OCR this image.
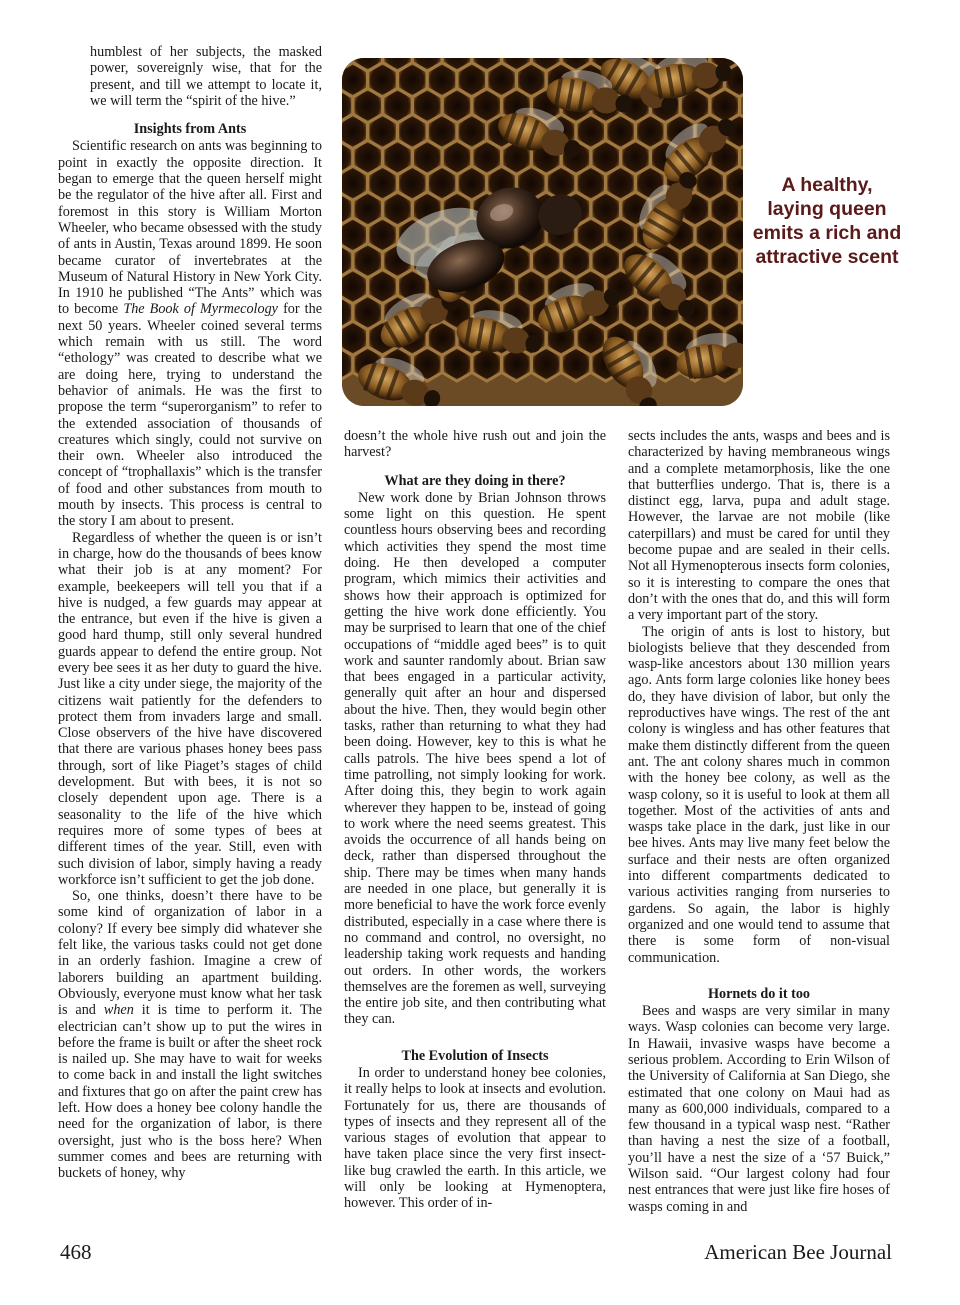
humblest of her subjects, the masked power, sovereignly wise, that for the present, and till we attempt to locate it, we will term the “spirit of the hive.”

Insights from Ants

Scientific research on ants was beginning to point in exactly the opposite direction. It began to emerge that the queen herself might be the regulator of the hive after all. First and foremost in this story is William Morton Wheeler, who became obsessed with the study of ants in Austin, Texas around 1899. He soon became curator of invertebrates at the Museum of Natural History in New York City. In 1910 he published “The Ants” which was to become The Book of Myrmecology for the next 50 years. Wheeler coined several terms which remain with us still. The word “ethology” was created to describe what we are doing here, trying to understand the behavior of animals. He was the first to propose the term “superorganism” to refer to the extended association of thousands of creatures which singly, could not survive on their own. Wheeler also introduced the concept of “trophallaxis” which is the transfer of food and other substances from mouth to mouth by insects. This process is central to the story I am about to present.

Regardless of whether the queen is or isn’t in charge, how do the thousands of bees know what their job is at any moment? For example, beekeepers will tell you that if a hive is nudged, a few guards may appear at the entrance, but even if the hive is given a good hard thump, still only several hundred guards appear to defend the entire group. Not every bee sees it as her duty to guard the hive. Just like a city under siege, the majority of the citizens wait patiently for the defenders to protect them from invaders large and small. Close observers of the hive have discovered that there are various phases honey bees pass through, sort of like Piaget’s stages of child development. But with bees, it is not so closely dependent upon age. There is a seasonality to the life of the hive which requires more of some types of bees at different times of the year. Still, even with such division of labor, simply having a ready workforce isn’t sufficient to get the job done.

So, one thinks, doesn’t there have to be some kind of organization of labor in a colony? If every bee simply did whatever she felt like, the various tasks could not get done in an orderly fashion. Imagine a crew of laborers building an apartment building. Obviously, everyone must know what her task is and when it is time to perform it. The electrician can’t show up to put the wires in before the frame is built or after the sheet rock is nailed up. She may have to wait for weeks to come back in and install the light switches and fixtures that go on after the paint crew has left. How does a honey bee colony handle the need for the organization of labor, is there oversight, just who is the boss here? When summer comes and bees are returning with buckets of honey, why

A healthy, laying queen emits a rich and attractive scent

doesn’t the whole hive rush out and join the harvest?

What are they doing in there?

New work done by Brian Johnson throws some light on this question. He spent countless hours observing bees and recording which activities they spend the most time doing. He then developed a computer program, which mimics their activities and shows how their approach is optimized for getting the hive work done efficiently. You may be surprised to learn that one of the chief occupations of “middle aged bees” is to quit work and saunter randomly about. Brian saw that bees engaged in a particular activity, generally quit after an hour and dispersed about the hive. Then, they would begin other tasks, rather than returning to what they had been doing. However, key to this is what he calls patrols. The hive bees spend a lot of time patrolling, not simply looking for work. After doing this, they begin to work again wherever they happen to be, instead of going to work where the need seems greatest. This avoids the occurrence of all hands being on deck, rather than dispersed throughout the ship. There may be times when many hands are needed in one place, but generally it is more beneficial to have the work force evenly distributed, especially in a case where there is no command and control, no oversight, no leadership taking work requests and handing out orders. In other words, the workers themselves are the foremen as well, surveying the entire job site, and then contributing what they can.

The Evolution of Insects

In order to understand honey bee colonies, it really helps to look at insects and evolution. Fortunately for us, there are thousands of types of insects and they represent all of the various stages of evolution that appear to have taken place since the very first insect-like bug crawled the earth. In this article, we will only be looking at Hymenoptera, however. This order of in-

sects includes the ants, wasps and bees and is characterized by having membraneous wings and a complete metamorphosis, like the one that butterflies undergo. That is, there is a distinct egg, larva, pupa and adult stage. However, the larvae are not mobile (like caterpillars) and must be cared for until they become pupae and are sealed in their cells. Not all Hymenopterous insects form colonies, so it is interesting to compare the ones that don’t with the ones that do, and this will form a very important part of the story.

The origin of ants is lost to history, but biologists believe that they descended from wasp-like ancestors about 130 million years ago. Ants form large colonies like honey bees do, they have division of labor, but only the reproductives have wings. The rest of the ant colony is wingless and has other features that make them distinctly different from the queen ant. The ant colony shares much in common with the honey bee colony, as well as the wasp colony, so it is useful to look at them all together. Most of the activities of ants and wasps take place in the dark, just like in our bee hives. Ants may live many feet below the surface and their nests are often organized into different compartments dedicated to various activities ranging from nurseries to gardens. So again, the labor is highly organized and one would tend to assume that there is some form of non-visual communication.

Hornets do it too

Bees and wasps are very similar in many ways. Wasp colonies can become very large. In Hawaii, invasive wasps have become a serious problem. According to Erin Wilson of the University of California at San Diego, she estimated that one colony on Maui had as many as 600,000 individuals, compared to a few thousand in a typical wasp nest. “Rather than having a nest the size of a football, you’ll have a nest the size of a ‘57 Buick,” Wilson said. “Our largest colony had four nest entrances that were just like fire hoses of wasps coming in and

468	American Bee Journal
